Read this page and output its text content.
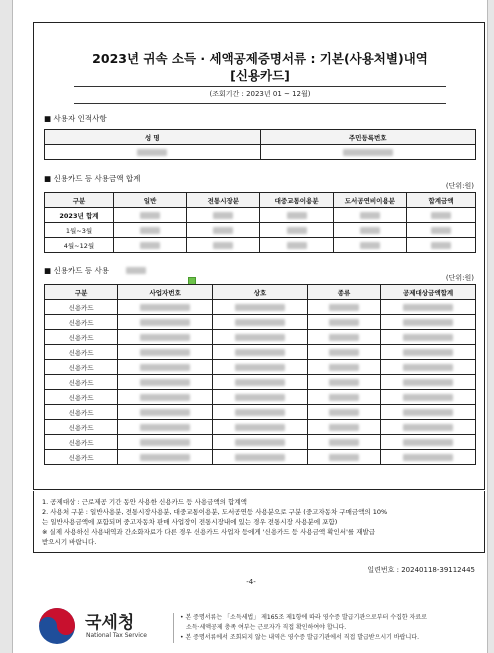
2023년 귀속 소득 · 세액공제증명서류 : 기본(사용처별)내역
[신용카드]
(조회기간 : 2023년 01 ~ 12월)
■ 사용자 인적사항
성 명	주민등록번호

■ 신용카드 등 사용금액 합계
(단위:원)
구분	일반	전통시장분	대중교통이용분	도서공연비이용분	합계금액
2023년 합계					
1월~3월					
4월~12월					
■ 신용카드 등 사용
(단위:원)
구분	사업자번호	상호	종류	공제대상금액합계
신용카드				
신용카드				
신용카드				
신용카드				
신용카드				
신용카드				
신용카드				
신용카드				
신용카드				
신용카드				
신용카드				
1. 공제대상 : 근로제공 기간 동안 사용한 신용카드 등 사용금액의 합계액
2. 사용처 구분 : 일반사용분, 전통시장사용분, 대중교통이용분, 도서공연등 사용분으로 구분 (중고자동차 구매금액의 10%
는 일반사용금액에 포함되며 중고자동차 판매 사업장이 전통시장내에 있는 경우 전통시장 사용분에 포함)
※ 실제 사용하신 사용내역과 간소화자료가 다른 경우 신용카드 사업자 등에게 '신용카드 등 사용금액 확인서'를 재발급
받으시기 바랍니다.
일련번호 : 20240118-39112445
-4-
국세청
National Tax Service
• 본 증명서류는 「소득세법」 제165조 제1항에 따라 영수증 발급기관으로부터 수집한 자료로
소득·세액공제 충족 여부는 근로자가 직접 확인하여야 합니다.
• 본 증명서류에서 조회되지 않는 내역은 영수증 발급기관에서 직접 발급받으시기 바랍니다.
